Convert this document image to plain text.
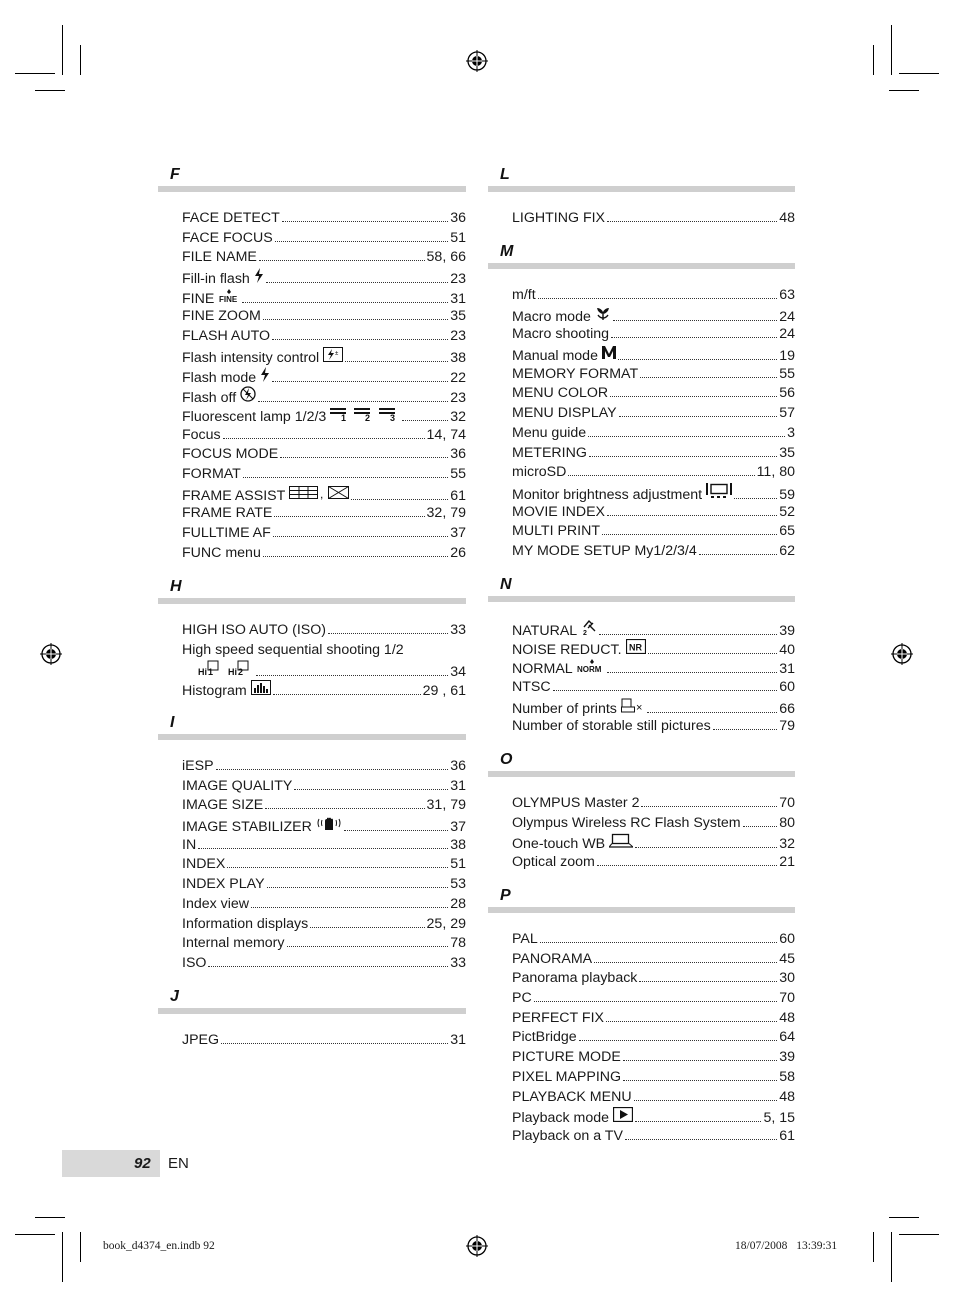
F
FACE DETECT	36
FACE FOCUS	51
FILE NAME	58, 66
Fill-in flash	23
FINE FINE	31
FINE ZOOM	35
FLASH AUTO	23
Flash intensity control	±	38
Flash mode	22
Flash off	23
Fluorescent lamp 1/2/3 1 2 3	32
Focus	14, 74
FOCUS MODE	36
FORMAT	55
FRAME ASSIST	,	61
FRAME RATE	32, 79
FULLTIME AF	37
FUNC menu	26
H
HIGH ISO AUTO (ISO)	33
High speed sequential shooting 1/2
Hi 1 Hi 2	34
Histogram	29 , 61
I
iESP	36
IMAGE QUALITY	31
IMAGE SIZE	31, 79
IMAGE STABILIZER	37
IN	38
INDEX	51
INDEX PLAY	53
Index view	28
Information displays	25, 29
Internal memory	78
ISO	33
J
JPEG	31
L
LIGHTING FIX	48
M
m/ft	63
Macro mode	24
Macro shooting	24
Manual mode	19
MEMORY FORMAT	55
MENU COLOR	56
MENU DISPLAY	57
Menu guide	3
METERING	35
microSD	11, 80
Monitor brightness adjustment	59
MOVIE INDEX	52
MULTI PRINT	65
MY MODE SETUP My1/2/3/4	62
N
NATURAL 2	39
NOISE REDUCT. NR	40
NORMAL NORM	31
NTSC	60
Number of prints ×	66
Number of storable still pictures	79
O
OLYMPUS Master 2	70
Olympus Wireless RC Flash System	80
One-touch WB	32
Optical zoom	21
P
PAL	60
PANORAMA	45
Panorama playback	30
PC	70
PERFECT FIX	48
PictBridge	64
PICTURE MODE	39
PIXEL MAPPING	58
PLAYBACK MENU	48
Playback mode	5, 15
Playback on a TV	61
92 EN
book_d4374_en.indb 92	18/07/2008 13:39:31
